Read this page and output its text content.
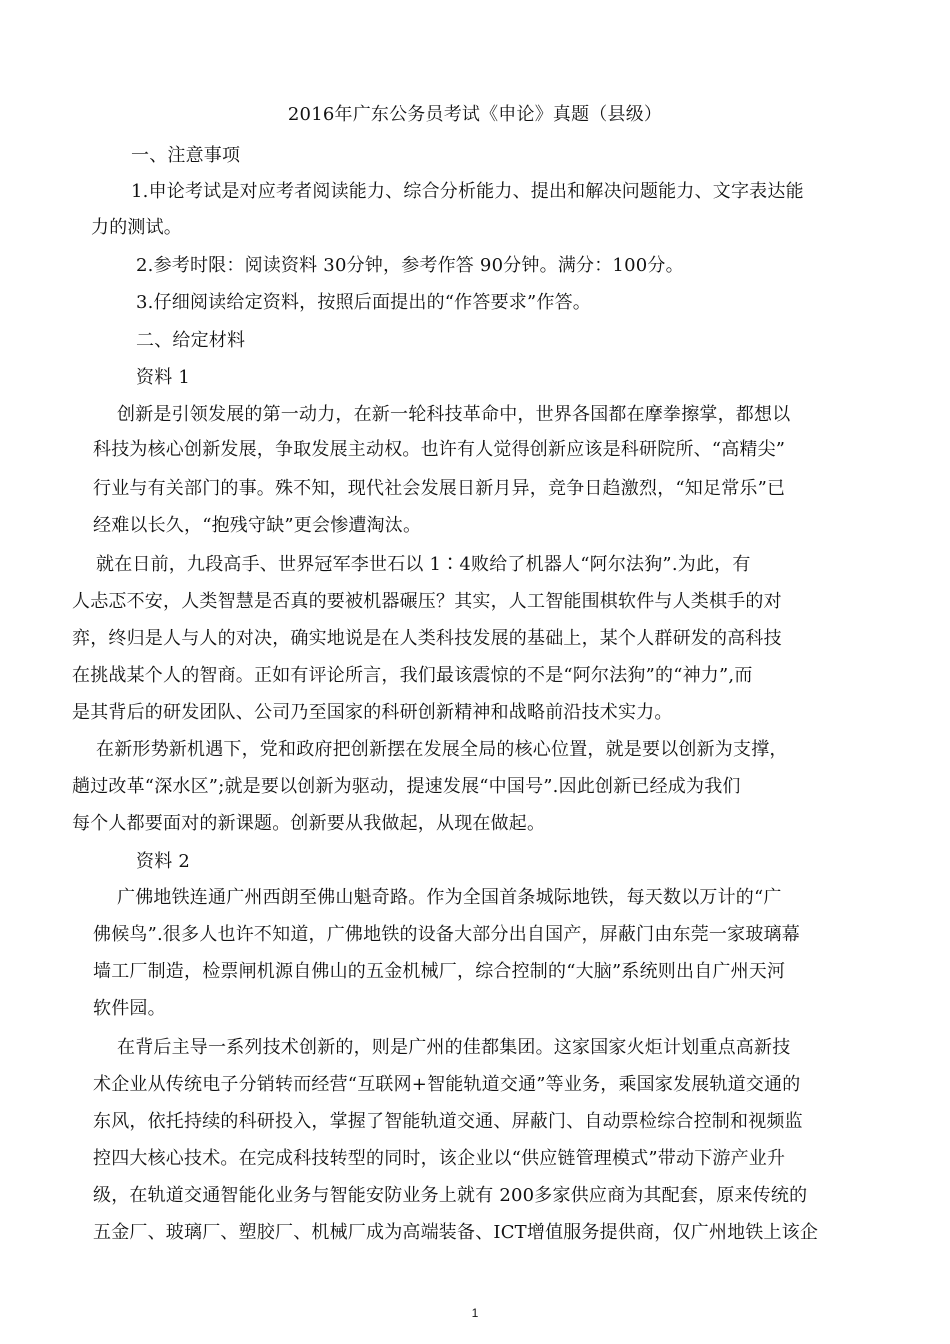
2016年广东公务员考试《申论》真题（县级）
一、注意事项
1.申论考试是对应考者阅读能力、综合分析能力、提出和解决问题能力、文字表达能
力的测试。
2.参考时限：阅读资料 30分钟，参考作答 90分钟。满分：100分。
3.仔细阅读给定资料，按照后面提出的“作答要求”作答。
二、给定材料
资料 1
创新是引领发展的第一动力，在新一轮科技革命中，世界各国都在摩拳擦掌，都想以
科技为核心创新发展，争取发展主动权。也许有人觉得创新应该是科研院所、“高精尖”
行业与有关部门的事。殊不知，现代社会发展日新月异，竞争日趋激烈，“知足常乐”已
经难以长久，“抱残守缺”更会惨遭淘汰。
就在日前，九段高手、世界冠军李世石以 1∶4败给了机器人“阿尔法狗”.为此，有
人忐忑不安，人类智慧是否真的要被机器碾压？其实，人工智能围棋软件与人类棋手的对
弈，终归是人与人的对决，确实地说是在人类科技发展的基础上，某个人群研发的高科技
在挑战某个人的智商。正如有评论所言，我们最该震惊的不是“阿尔法狗”的“神力”,而
是其背后的研发团队、公司乃至国家的科研创新精神和战略前沿技术实力。
在新形势新机遇下，党和政府把创新摆在发展全局的核心位置，就是要以创新为支撑，
趟过改革“深水区”;就是要以创新为驱动，提速发展“中国号”.因此创新已经成为我们
每个人都要面对的新课题。创新要从我做起，从现在做起。
资料 2
广佛地铁连通广州西朗至佛山魁奇路。作为全国首条城际地铁，每天数以万计的“广
佛候鸟”.很多人也许不知道，广佛地铁的设备大部分出自国产，屏蔽门由东莞一家玻璃幕
墙工厂制造，检票闸机源自佛山的五金机械厂，综合控制的“大脑”系统则出自广州天河
软件园。
在背后主导一系列技术创新的，则是广州的佳都集团。这家国家火炬计划重点高新技
术企业从传统电子分销转而经营“互联网+智能轨道交通”等业务，乘国家发展轨道交通的
东风，依托持续的科研投入，掌握了智能轨道交通、屏蔽门、自动票检综合控制和视频监
控四大核心技术。在完成科技转型的同时，该企业以“供应链管理模式”带动下游产业升
级，在轨道交通智能化业务与智能安防业务上就有 200多家供应商为其配套，原来传统的
五金厂、玻璃厂、塑胶厂、机械厂成为高端装备、ICT增值服务提供商，仅广州地铁上该企
1
